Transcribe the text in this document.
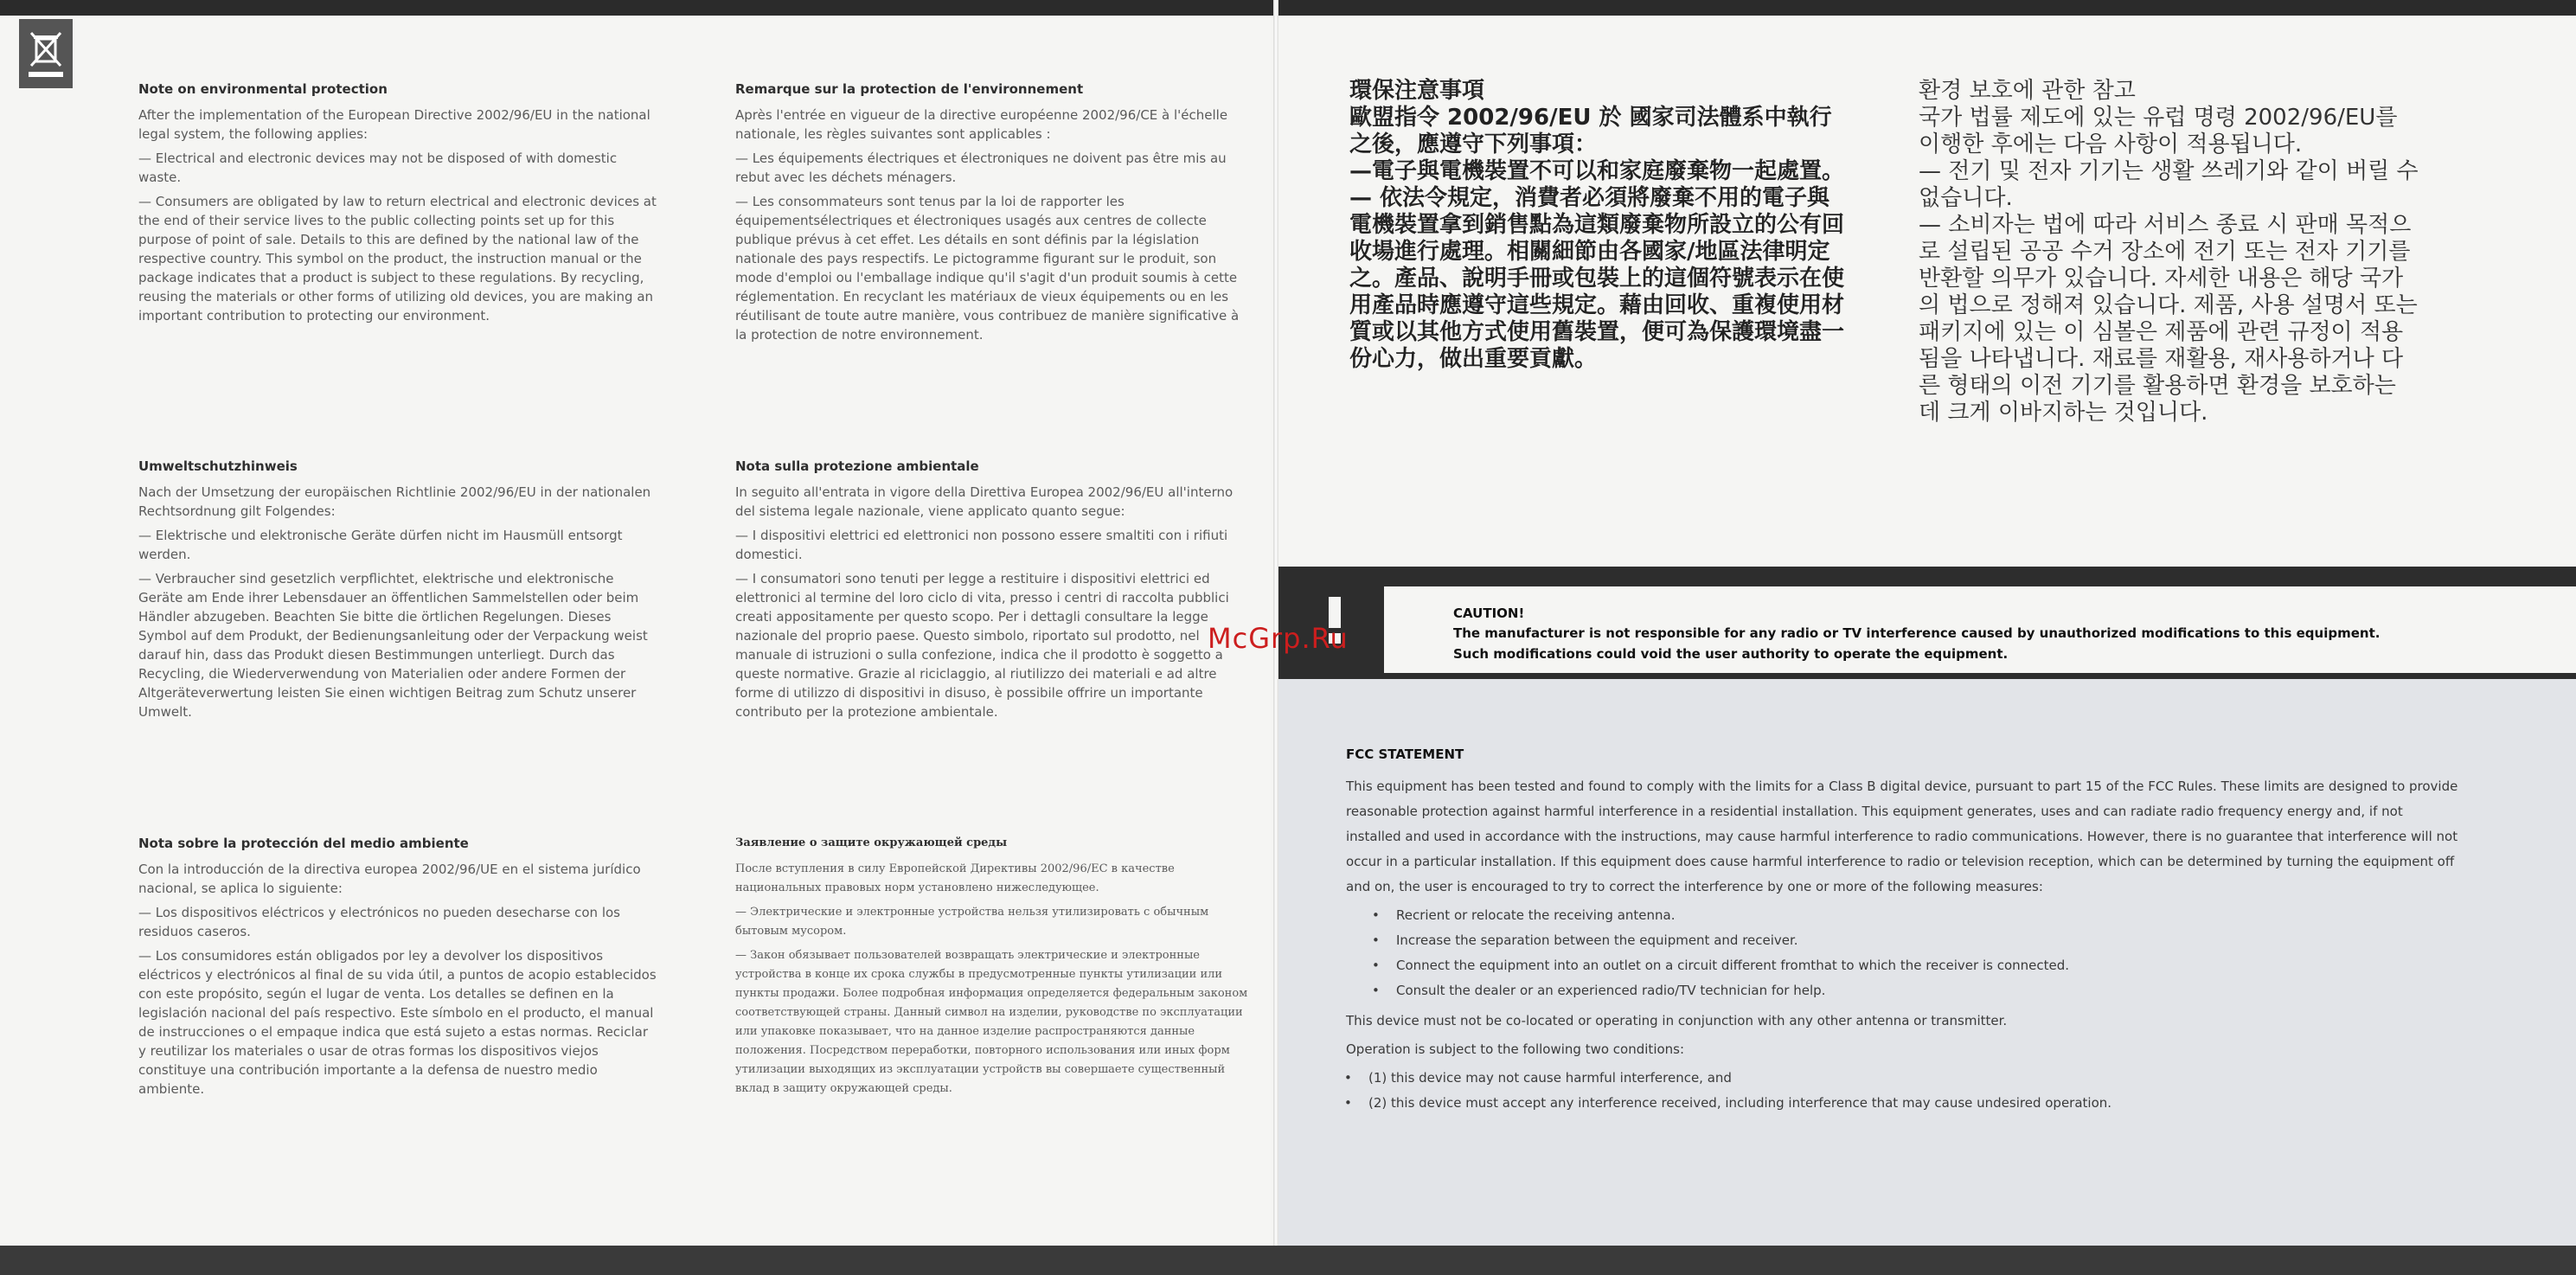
Note on environmental protection

After the implementation of the European Directive 2002/96/EU in the national legal system, the following applies:

— Electrical and electronic devices may not be disposed of with domestic waste.

— Consumers are obligated by law to return electrical and electronic devices at the end of their service lives to the public collecting points set up for this purpose of point of sale. Details to this are defined by the national law of the respective country. This symbol on the product, the instruction manual or the package indicates that a product is subject to these regulations. By recycling, reusing the materials or other forms of utilizing old devices, you are making an important contribution to protecting our environment.

Remarque sur la protection de l'environnement

Après l'entrée en vigueur de la directive européenne 2002/96/CE à l'échelle nationale, les règles suivantes sont applicables :

— Les équipements électriques et électroniques ne doivent pas être mis au rebut avec les déchets ménagers.

— Les consommateurs sont tenus par la loi de rapporter les équipementsélectriques et électroniques usagés aux centres de collecte publique prévus à cet effet. Les détails en sont définis par la législation nationale des pays respectifs. Le pictogramme figurant sur le produit, son mode d'emploi ou l'emballage indique qu'il s'agit d'un produit soumis à cette réglementation. En recyclant les matériaux de vieux équipements ou en les réutilisant de toute autre manière, vous contribuez de manière significative à la protection de notre environnement.

Umweltschutzhinweis

Nach der Umsetzung der europäischen Richtlinie 2002/96/EU in der nationalen Rechtsordnung gilt Folgendes:

— Elektrische und elektronische Geräte dürfen nicht im Hausmüll entsorgt werden.

— Verbraucher sind gesetzlich verpflichtet, elektrische und elektronische Geräte am Ende ihrer Lebensdauer an öffentlichen Sammelstellen oder beim Händler abzugeben. Beachten Sie bitte die örtlichen Regelungen. Dieses Symbol auf dem Produkt, der Bedienungsanleitung oder der Verpackung weist darauf hin, dass das Produkt diesen Bestimmungen unterliegt. Durch das Recycling, die Wiederverwendung von Materialien oder andere Formen der Altgeräteverwertung leisten Sie einen wichtigen Beitrag zum Schutz unserer Umwelt.

Nota sulla protezione ambientale

In seguito all'entrata in vigore della Direttiva Europea 2002/96/EU all'interno del sistema legale nazionale, viene applicato quanto segue:

— I dispositivi elettrici ed elettronici non possono essere smaltiti con i rifiuti domestici.

— I consumatori sono tenuti per legge a restituire i dispositivi elettrici ed elettronici al termine del loro ciclo di vita, presso i centri di raccolta pubblici creati appositamente per questo scopo. Per i dettagli consultare la legge nazionale del proprio paese. Questo simbolo, riportato sul prodotto, nel manuale di istruzioni o sulla confezione, indica che il prodotto è soggetto a queste normative. Grazie al riciclaggio, al riutilizzo dei materiali e ad altre forme di utilizzo di dispositivi in disuso, è possibile offrire un importante contributo per la protezione ambientale.

Nota sobre la protección del medio ambiente

Con la introducción de la directiva europea 2002/96/UE en el sistema jurídico nacional, se aplica lo siguiente:

— Los dispositivos eléctricos y electrónicos no pueden desecharse con los residuos caseros.

— Los consumidores están obligados por ley a devolver los dispositivos eléctricos y electrónicos al final de su vida útil, a puntos de acopio establecidos con este propósito, según el lugar de venta. Los detalles se definen en la legislación nacional del país respectivo. Este símbolo en el producto, el manual de instrucciones o el empaque indica que está sujeto a estas normas. Reciclar y reutilizar los materiales o usar de otras formas los dispositivos viejos constituye una contribución importante a la defensa de nuestro medio ambiente.

Заявление о защите окружающей среды

После вступления в силу Европейской Директивы 2002/96/ЕС в качестве национальных правовых норм установлено нижеследующее.

— Электрические и электронные устройства нельзя утилизировать с обычным бытовым мусором.

— Закон обязывает пользователей возвращать электрические и электронные устройства в конце их срока службы в предусмотренные пункты утилизации или пункты продажи. Более подробная информация определяется федеральным законом соответствующей страны. Данный символ на изделии, руководстве по эксплуатации или упаковке показывает, что на данное изделие распространяются данные положения. Посредством переработки, повторного использования или иных форм утилизации выходящих из эксплуатации устройств вы совершаете существенный вклад в защиту окружающей среды.

環保注意事項

歐盟指令 2002/96/EU 於 國家司法體系中執行之後，應遵守下列事項：

—電子與電機裝置不可以和家庭廢棄物一起處置。

— 依法令規定，消費者必須將廢棄不用的電子與電機裝置拿到銷售點為這類廢棄物所設立的公有回收場進行處理。相關細節由各國家/地區法律明定之。產品、說明手冊或包裝上的這個符號表示在使用產品時應遵守這些規定。藉由回收、重複使用材質或以其他方式使用舊裝置，便可為保護環境盡一份心力，做出重要貢獻。

환경 보호에 관한 참고

국가 법률 제도에 있는 유럽 명령 2002/96/EU를 이행한 후에는 다음 사항이 적용됩니다.

— 전기 및 전자 기기는 생활 쓰레기와 같이 버릴 수 없습니다.

— 소비자는 법에 따라 서비스 종료 시 판매 목적으로 설립된 공공 수거 장소에 전기 또는 전자 기기를 반환할 의무가 있습니다. 자세한 내용은 해당 국가의 법으로 정해져 있습니다. 제품, 사용 설명서 또는 패키지에 있는 이 심볼은 제품에 관련 규정이 적용됨을 나타냅니다. 재료를 재활용, 재사용하거나 다른 형태의 이전 기기를 활용하면 환경을 보호하는 데 크게 이바지하는 것입니다.

CAUTION!

The manufacturer is not responsible for any radio or TV interference caused by unauthorized modifications to this equipment.

Such modifications could void the user authority to operate the equipment.

FCC STATEMENT

This equipment has been tested and found to comply with the limits for a Class B digital device, pursuant to part 15 of the FCC Rules. These limits are designed to provide reasonable protection against harmful interference in a residential installation. This equipment generates, uses and can radiate radio frequency energy and, if not installed and used in accordance with the instructions, may cause harmful interference to radio communications. However, there is no guarantee that interference will not occur in a particular installation. If this equipment does cause harmful interference to radio or television reception, which can be determined by turning the equipment off and on, the user is encouraged to try to correct the interference by one or more of the following measures:

• Recrient or relocate the receiving antenna.
• Increase the separation between the equipment and receiver.
• Connect the equipment into an outlet on a circuit different fromthat to which the receiver is connected.
• Consult the dealer or an experienced radio/TV technician for help.

This device must not be co-located or operating in conjunction with any other antenna or transmitter.

Operation is subject to the following two conditions:

• (1) this device may not cause harmful interference, and
• (2) this device must accept any interference received, including interference that may cause undesired operation.
McGrp.Ru
